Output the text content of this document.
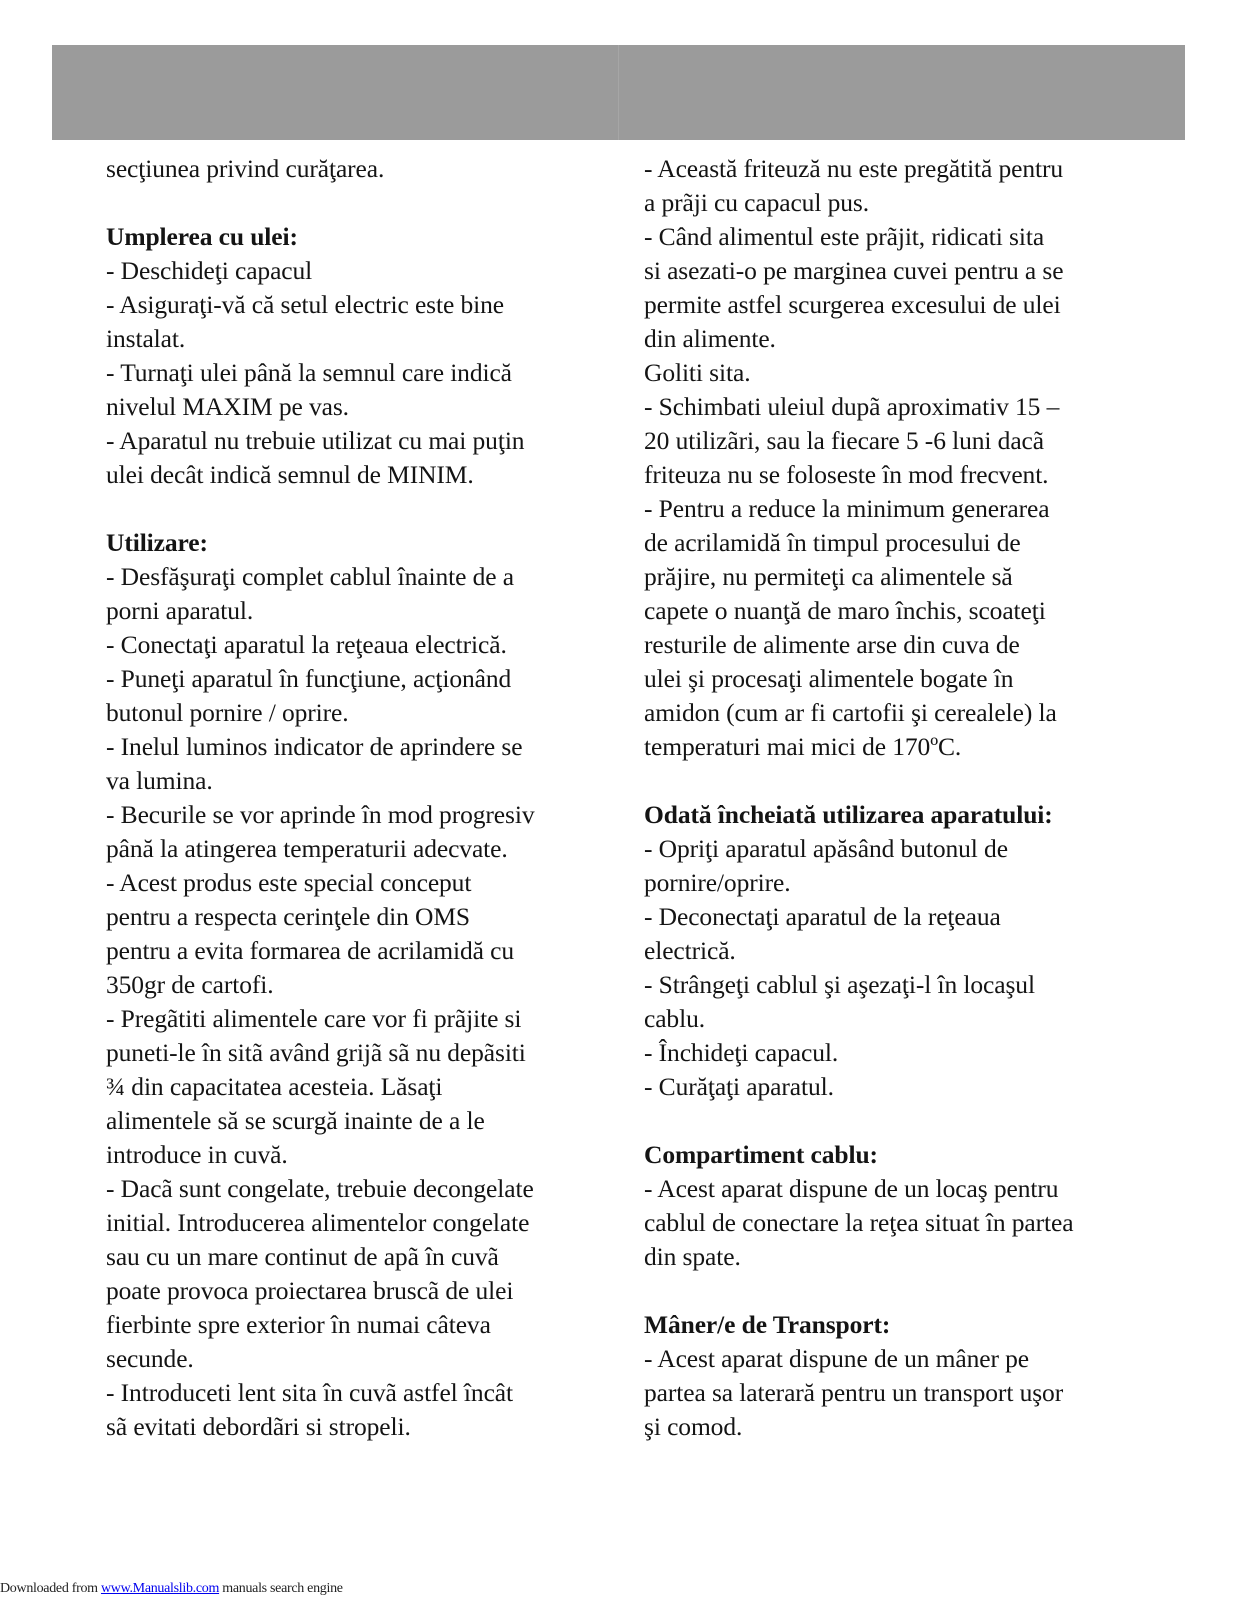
secţiunea privind curăţarea.

Umplerea cu ulei:

- Deschideţi capacul

- Asiguraţi-vă că setul electric este bine

instalat.

- Turnaţi ulei până la semnul care indică

nivelul MAXIM pe vas.

- Aparatul nu trebuie utilizat cu mai puţin

ulei decât indică semnul de MINIM.

Utilizare:

- Desfăşuraţi complet cablul înainte de a

porni aparatul.

- Conectaţi aparatul la reţeaua electrică.

- Puneţi aparatul în funcţiune, acţionând

butonul pornire / oprire.

- Inelul luminos indicator de aprindere se

va lumina.

- Becurile se vor aprinde în mod progresiv

până la atingerea temperaturii adecvate.

- Acest produs este special conceput

pentru a respecta cerinţele din OMS

pentru a evita formarea de acrilamidă cu

350gr de cartofi.

- Pregãtiti alimentele care vor fi prãjite si

puneti-le în sitã având grijã sã nu depãsiti

¾ din capacitatea acesteia. Lăsaţi

alimentele să se scurgă inainte de a le

introduce in cuvă.

- Dacã sunt congelate, trebuie decongelate

initial. Introducerea alimentelor congelate

sau cu un mare continut de apã în cuvã

poate provoca proiectarea bruscã de ulei

fierbinte spre exterior în numai câteva

secunde.

- Introduceti lent sita în cuvã astfel încât

sã evitati debordãri si stropeli.

- Această friteuză nu este pregătită pentru

a prãji cu capacul pus.

- Când alimentul este prãjit, ridicati sita

si asezati-o pe marginea cuvei pentru a se

permite astfel scurgerea excesului de ulei

din alimente.

Goliti sita.

- Schimbati uleiul dupã aproximativ 15 –

20 utilizãri, sau la fiecare 5 -6 luni dacã

friteuza nu se foloseste în mod frecvent.

- Pentru a reduce la minimum generarea

de acrilamidă în timpul procesului de

prăjire, nu permiteţi ca alimentele să

capete o nuanţă de maro închis, scoateţi

resturile de alimente arse din cuva de

ulei şi procesaţi alimentele bogate în

amidon (cum ar fi cartofii şi cerealele) la

temperaturi mai mici de 170ºC.

Odată încheiată utilizarea aparatului:

- Opriţi aparatul apăsând butonul de

pornire/oprire.

- Deconectaţi aparatul de la reţeaua

electrică.

- Strângeţi cablul şi aşezaţi-l în locaşul

cablu.

- Închideţi capacul.

- Curăţaţi aparatul.

Compartiment cablu:

- Acest aparat dispune de un locaş pentru

cablul de conectare la reţea situat în partea

din spate.

Mâner/e de Transport:

- Acest aparat dispune de un mâner pe

partea sa laterară pentru un transport uşor

şi comod.

Downloaded from www.Manualslib.com manuals search engine
